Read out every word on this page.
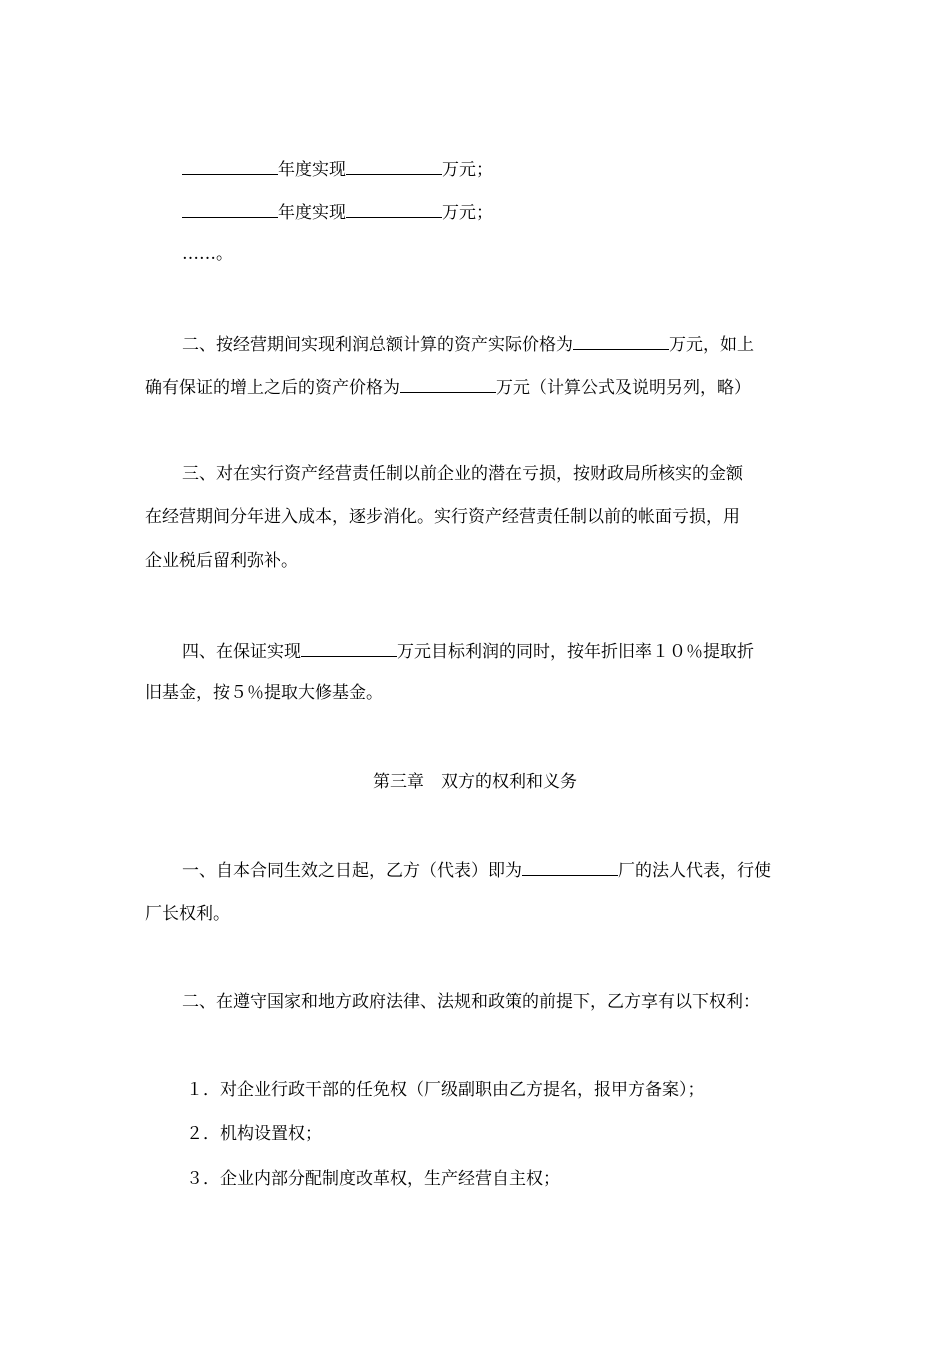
年度实现	万元；
年度实现	万元；
……。
二、按经营期间实现利润总额计算的资产实际价格为	万元，如上
确有保证的增上之后的资产价格为	万元（计算公式及说明另列，略）
三、对在实行资产经营责任制以前企业的潜在亏损，按财政局所核实的金额
在经营期间分年进入成本，逐步消化。实行资产经营责任制以前的帐面亏损，用
企业税后留利弥补。
四、在保证实现	万元目标利润的同时，按年折旧率１０％提取折
旧基金，按５％提取大修基金。
第三章　双方的权利和义务
一、自本合同生效之日起，乙方（代表）即为	厂的法人代表，行使
厂长权利。
二、在遵守国家和地方政府法律、法规和政策的前提下，乙方享有以下权利：
１．对企业行政干部的任免权（厂级副职由乙方提名，报甲方备案）；
２．机构设置权；
３．企业内部分配制度改革权，生产经营自主权；
